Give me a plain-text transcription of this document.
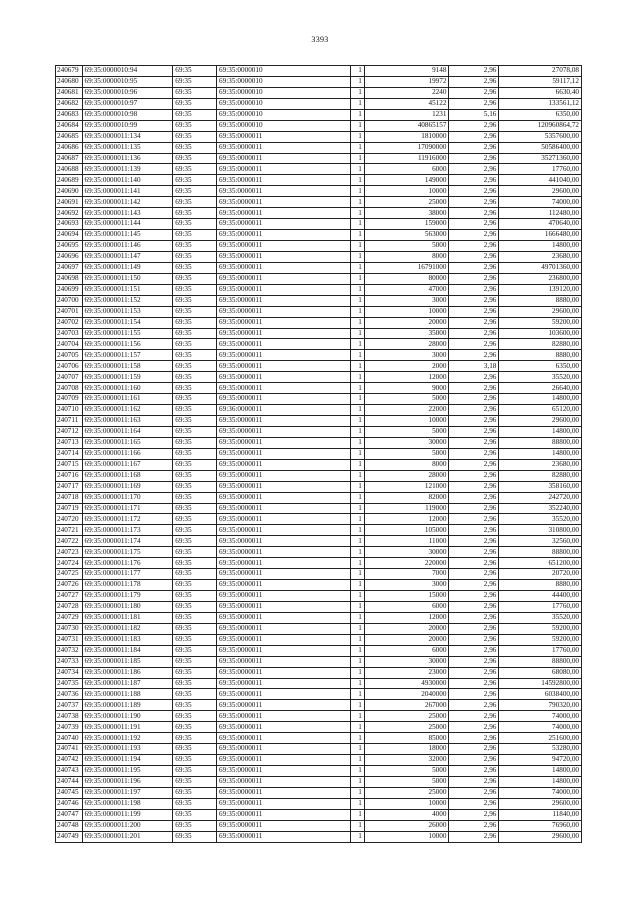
3393
240679	69:35:0000010:94	69:35	69:35:0000010	1	9148	2,96	27078,08
240680	69:35:0000010:95	69:35	69:35:0000010	1	19972	2,96	59117,12
240681	69:35:0000010:96	69:35	69:35:0000010	1	2240	2,96	6630,40
240682	69:35:0000010:97	69:35	69:35:0000010	1	45122	2,96	133561,12
240683	69:35:0000010:98	69:35	69:35:0000010	1	1231	5,16	6350,00
240684	69:35:0000010:99	69:35	69:35:0000010	1	40865157	2,96	120960864,72
240685	69:35:0000011:134	69:35	69:35:0000011	1	1810000	2,96	5357600,00
240686	69:35:0000011:135	69:35	69:35:0000011	1	17090000	2,96	50586400,00
240687	69:35:0000011:136	69:35	69:35:0000011	1	11916000	2,96	35271360,00
240688	69:35:0000011:139	69:35	69:35:0000011	1	6000	2,96	17760,00
240689	69:35:0000011:140	69:35	69:35:0000011	1	149000	2,96	441040,00
240690	69:35:0000011:141	69:35	69:35:0000011	1	10000	2,96	29600,00
240691	69:35:0000011:142	69:35	69:35:0000011	1	25000	2,96	74000,00
240692	69:35:0000011:143	69:35	69:35:0000011	1	38000	2,96	112480,00
240693	69:35:0000011:144	69:35	69:35:0000011	1	159000	2,96	470640,00
240694	69:35:0000011:145	69:35	69:35:0000011	1	563000	2,96	1666480,00
240695	69:35:0000011:146	69:35	69:35:0000011	1	5000	2,96	14800,00
240696	69:35:0000011:147	69:35	69:35:0000011	1	8000	2,96	23680,00
240697	69:35:0000011:149	69:35	69:35:0000011	1	16791000	2,96	49701360,00
240698	69:35:0000011:150	69:35	69:35:0000011	1	80000	2,96	236800,00
240699	69:35:0000011:151	69:35	69:35:0000011	1	47000	2,96	139120,00
240700	69:35:0000011:152	69:35	69:35:0000011	1	3000	2,96	8880,00
240701	69:35:0000011:153	69:35	69:35:0000011	1	10000	2,96	29600,00
240702	69:35:0000011:154	69:35	69:35:0000011	1	20000	2,96	59200,00
240703	69:35:0000011:155	69:35	69:35:0000011	1	35000	2,96	103600,00
240704	69:35:0000011:156	69:35	69:35:0000011	1	28000	2,96	82880,00
240705	69:35:0000011:157	69:35	69:35:0000011	1	3000	2,96	8880,00
240706	69:35:0000011:158	69:35	69:35:0000011	1	2000	3,18	6350,00
240707	69:35:0000011:159	69:35	69:35:0000011	1	12000	2,96	35520,00
240708	69:35:0000011:160	69:35	69:35:0000011	1	9000	2,96	26640,00
240709	69:35:0000011:161	69:35	69:35:0000011	1	5000	2,96	14800,00
240710	69:35:0000011:162	69:35	69:36:0000011	1	22000	2,96	65120,00
240711	69:35:0000011:163	69:35	69:35:0000011	1	10000	2,96	29600,00
240712	69:35:0000011:164	69:35	69:35:0000011	1	5000	2,96	14800,00
240713	69:35:0000011:165	69:35	69:35:0000011	1	30000	2,96	88800,00
240714	69:35:0000011:166	69:35	69:35:0000011	1	5000	2,96	14800,00
240715	69:35:0000011:167	69:35	69:35:0000011	1	8000	2,96	23680,00
240716	69:35:0000011:168	69:35	69:35:0000011	1	28000	2,96	82880,00
240717	69:35:0000011:169	69:35	69:35:0000011	1	121000	2,96	358160,00
240718	69:35:0000011:170	69:35	69:35:0000011	1	82000	2,96	242720,00
240719	69:35:0000011:171	69:35	69:35:0000011	1	119000	2,96	352240,00
240720	69:35:0000011:172	69:35	69:35:0000011	1	12000	2,96	35520,00
240721	69:35:0000011:173	69:35	69:35:0000011	1	105000	2,96	310800,00
240722	69:35:0000011:174	69:35	69:35:0000011	1	11000	2,96	32560,00
240723	69:35:0000011:175	69:35	69:35:0000011	1	30000	2,96	88800,00
240724	69:35:0000011:176	69:35	69:35:0000011	1	220000	2,96	651200,00
240725	69:35:0000011:177	69:35	69:35:0000011	1	7000	2,96	20720,00
240726	69:35:0000011:178	69:35	69:35:0000011	1	3000	2,96	8880,00
240727	69:35:0000011:179	69:35	69:35:0000011	1	15000	2,96	44400,00
240728	69:35:0000011:180	69:35	69:35:0000011	1	6000	2,96	17760,00
240729	69:35:0000011:181	69:35	69:35:0000011	1	12000	2,96	35520,00
240730	69:35:0000011:182	69:35	69:35:0000011	1	20000	2,96	59200,00
240731	69:35:0000011:183	69:35	69:35:0000011	1	20000	2,96	59200,00
240732	69:35:0000011:184	69:35	69:35:0000011	1	6000	2,96	17760,00
240733	69:35:0000011:185	69:35	69:35:0000011	1	30000	2,96	88800,00
240734	69:35:0000011:186	69:35	69:35:0000011	1	23000	2,96	68080,00
240735	69:35:0000011:187	69:35	69:35:0000011	1	4930000	2,96	14592800,00
240736	69:35:0000011:188	69:35	69:35:0000011	1	2040000	2,96	6038400,00
240737	69:35:0000011:189	69:35	69:35:0000011	1	267000	2,96	790320,00
240738	69:35:0000011:190	69:35	69:35:0000011	1	25000	2,96	74000,00
240739	69:35:0000011:191	69:35	69:35:0000011	1	25000	2,96	74000,00
240740	69:35:0000011:192	69:35	69:35:0000011	1	85000	2,96	251600,00
240741	69:35:0000011:193	69:35	69:35:0000011	1	18000	2,96	53280,00
240742	69:35:0000011:194	69:35	69:35:0000011	1	32000	2,96	94720,00
240743	69:35:0000011:195	69:35	69:35:0000011	1	5000	2,96	14800,00
240744	69:35:0000011:196	69:35	69:35:0000011	1	5000	2,96	14800,00
240745	69:35:0000011:197	69:35	69:35:0000011	1	25000	2,96	74000,00
240746	69:35:0000011:198	69:35	69:35:0000011	1	10000	2,96	29600,00
240747	69:35:0000011:199	69:35	69:35:0000011	1	4000	2,96	11840,00
240748	69:35:0000011:200	69:35	69:35:0000011	1	26000	2,96	76960,00
240749	69:35:0000011:201	69:35	69:35:0000011	1	10000	2,96	29600,00
